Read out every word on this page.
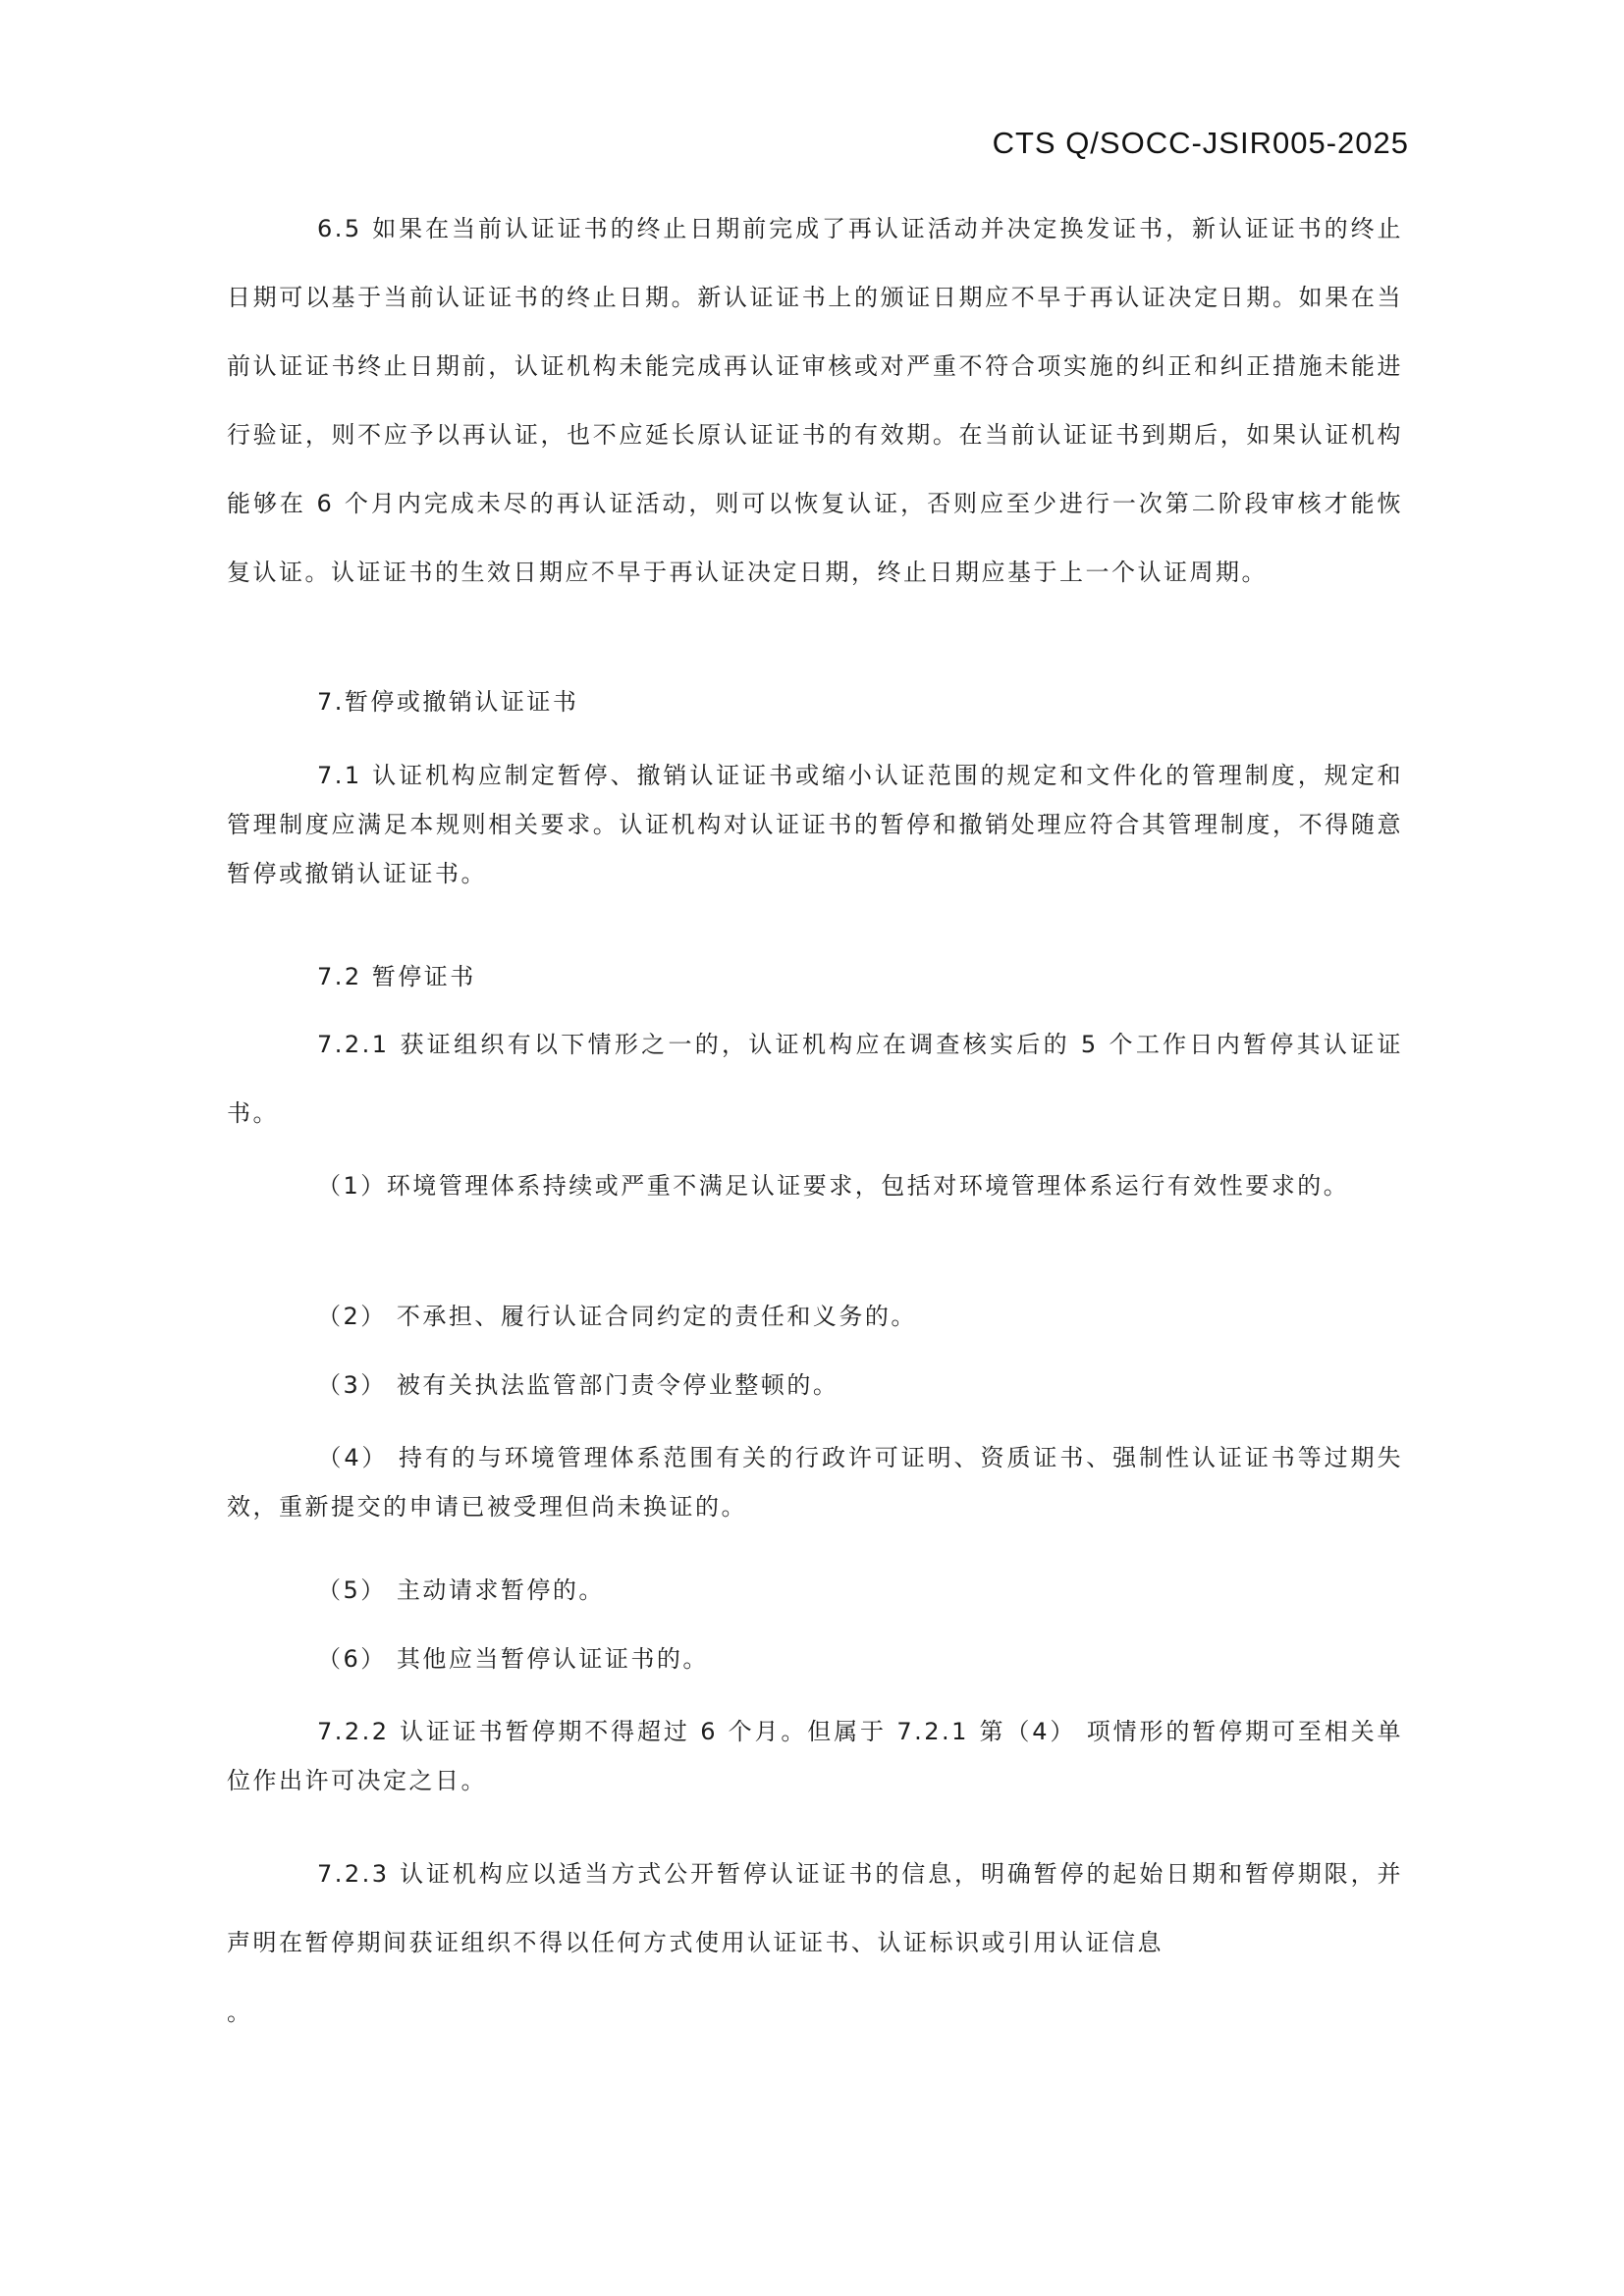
CTS Q/SOCC-JSIR005-2025
6.5 如果在当前认证证书的终止日期前完成了再认证活动并决定换发证书，新认证证书的终止日期可以基于当前认证证书的终止日期。新认证证书上的颁证日期应不早于再认证决定日期。如果在当前认证证书终止日期前，认证机构未能完成再认证审核或对严重不符合项实施的纠正和纠正措施未能进行验证，则不应予以再认证，也不应延长原认证证书的有效期。在当前认证证书到期后，如果认证机构能够在 6 个月内完成未尽的再认证活动，则可以恢复认证，否则应至少进行一次第二阶段审核才能恢复认证。认证证书的生效日期应不早于再认证决定日期，终止日期应基于上一个认证周期。
7.暂停或撤销认证证书
7.1 认证机构应制定暂停、撤销认证证书或缩小认证范围的规定和文件化的管理制度，规定和管理制度应满足本规则相关要求。认证机构对认证证书的暂停和撤销处理应符合其管理制度，不得随意暂停或撤销认证证书。
7.2 暂停证书
7.2.1 获证组织有以下情形之一的，认证机构应在调查核实后的 5 个工作日内暂停其认证证书。
（1）环境管理体系持续或严重不满足认证要求，包括对环境管理体系运行有效性要求的。
（2） 不承担、履行认证合同约定的责任和义务的。
（3） 被有关执法监管部门责令停业整顿的。
（4） 持有的与环境管理体系范围有关的行政许可证明、资质证书、强制性认证证书等过期失效，重新提交的申请已被受理但尚未换证的。
（5） 主动请求暂停的。
（6） 其他应当暂停认证证书的。
7.2.2 认证证书暂停期不得超过 6 个月。但属于 7.2.1 第（4） 项情形的暂停期可至相关单位作出许可决定之日。
7.2.3 认证机构应以适当方式公开暂停认证证书的信息，明确暂停的起始日期和暂停期限，并声明在暂停期间获证组织不得以任何方式使用认证证书、认证标识或引用认证信息
。
